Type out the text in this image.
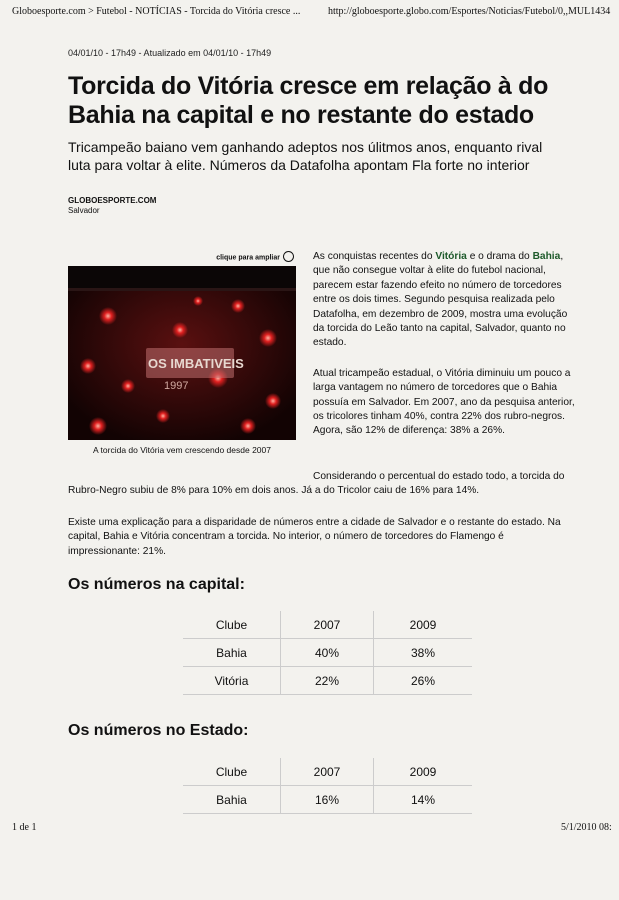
Globoesporte.com > Futebol - NOTÍCIAS - Torcida do Vitória cresce ...	http://globoesporte.globo.com/Esportes/Noticias/Futebol/0,,MUL1434
04/01/10 - 17h49 - Atualizado em 04/01/10 - 17h49
Torcida do Vitória cresce em relação à do Bahia na capital e no restante do estado

Tricampeão baiano vem ganhando adeptos nos úlitmos anos, enquanto rival luta para voltar à elite. Números da Datafolha apontam Fla forte no interior

GLOBOESPORTE.COM
Salvador
clique para ampliar
OS IMBATIVEIS
1997
A torcida do Vitória vem crescendo desde 2007

As conquistas recentes do Vitória e o drama do Bahia, que não consegue voltar à elite do futebol nacional, parecem estar fazendo efeito no número de torcedores entre os dois times. Segundo pesquisa realizada pelo Datafolha, em dezembro de 2009, mostra uma evolução da torcida do Leão tanto na capital, Salvador, quanto no estado.

Atual tricampeão estadual, o Vitória diminuiu um pouco a larga vantagem no número de torcedores que o Bahia possuía em Salvador. Em 2007, ano da pesquisa anterior, os tricolores tinham 40%, contra 22% dos rubro-negros. Agora, são 12% de diferença: 38% a 26%.

Considerando o percentual do estado todo, a torcida do Rubro-Negro subiu de 8% para 10% em dois anos. Já a do Tricolor caiu de 16% para 14%.

Existe uma explicação para a disparidade de números entre a cidade de Salvador e o restante do estado. Na capital, Bahia e Vitória concentram a torcida. No interior, o número de torcedores do Flamengo é impressionante: 21%.

Os números na capital:
Clube	2007	2009
Bahia	40%	38%
Vitória	22%	26%
Os números no Estado:
Clube	2007	2009
Bahia	16%	14%
1 de 1	5/1/2010 08:
